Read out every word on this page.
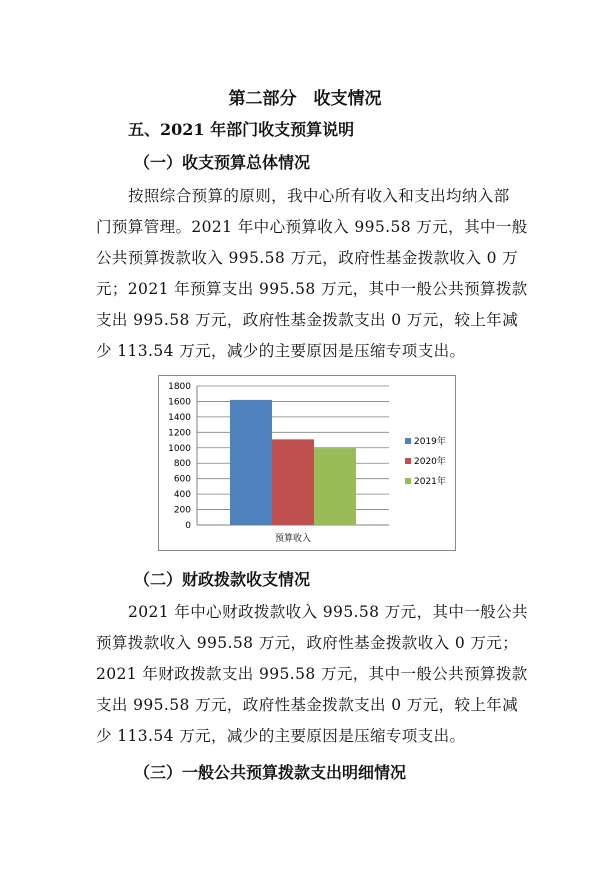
第二部分　收支情况
五、2021 年部门收支预算说明
（一）收支预算总体情况
按照综合预算的原则，我中心所有收入和支出均纳入部
门预算管理。2021 年中心预算收入 995.58 万元，其中一般
公共预算拨款收入 995.58 万元，政府性基金拨款收入 0 万
元；2021 年预算支出 995.58 万元，其中一般公共预算拨款
支出 995.58 万元，政府性基金拨款支出 0 万元，较上年减
少 113.54 万元，减少的主要原因是压缩专项支出。
0
200
400
600
800
1000
1200
1400
1600
1800
预算收入
2019年
2020年
2021年
（二）财政拨款收支情况
2021 年中心财政拨款收入 995.58 万元，其中一般公共
预算拨款收入 995.58 万元，政府性基金拨款收入 0 万元；
2021 年财政拨款支出 995.58 万元，其中一般公共预算拨款
支出 995.58 万元，政府性基金拨款支出 0 万元，较上年减
少 113.54 万元，减少的主要原因是压缩专项支出。
（三）一般公共预算拨款支出明细情况
